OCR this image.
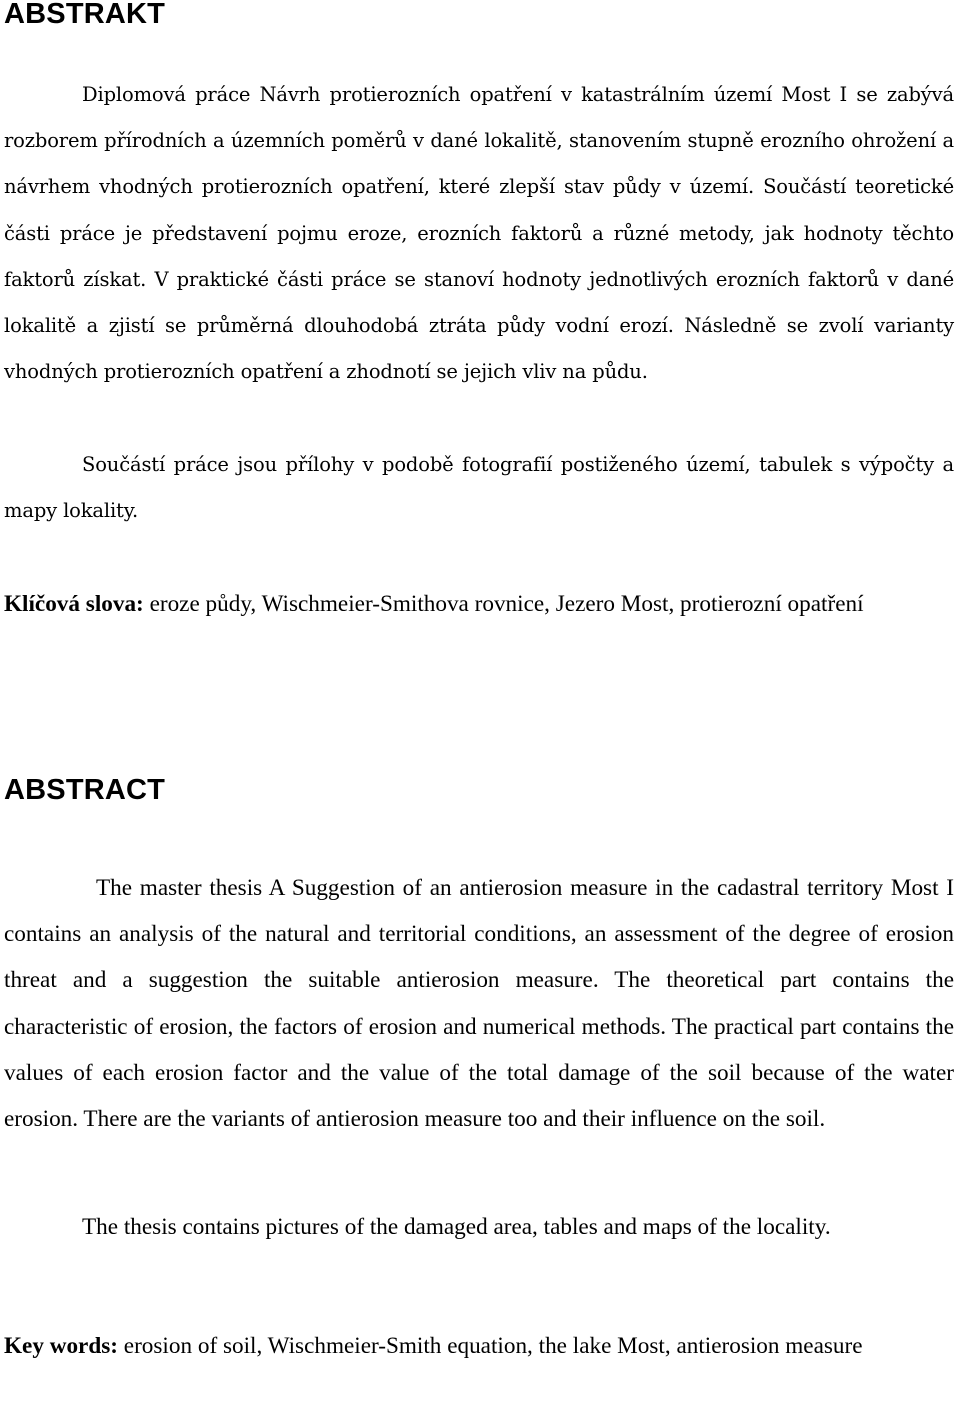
ABSTRAKT

Diplomová práce Návrh protierozních opatření v katastrálním území Most I se zabývá rozborem přírodních a územních poměrů v dané lokalitě, stanovením stupně erozního ohrožení a návrhem vhodných protierozních opatření, které zlepší stav půdy v území. Součástí teoretické části práce je představení pojmu eroze, erozních faktorů a různé metody, jak hodnoty těchto faktorů získat. V praktické části práce se stanoví hodnoty jednotlivých erozních faktorů v dané lokalitě a zjistí se průměrná dlouhodobá ztráta půdy vodní erozí. Následně se zvolí varianty vhodných protierozních opatření a zhodnotí se jejich vliv na půdu.

Součástí práce jsou přílohy v podobě fotografií postiženého území, tabulek s výpočty a mapy lokality.

Klíčová slova: eroze půdy, Wischmeier-Smithova rovnice, Jezero Most, protierozní opatření

ABSTRACT

The master thesis A Suggestion of an antierosion measure in the cadastral territory Most I contains an analysis of the natural and territorial conditions, an assessment of the degree of erosion threat and a suggestion the suitable antierosion measure. The theoretical part contains the characteristic of erosion, the factors of erosion and numerical methods. The practical part contains the values of each erosion factor and the value of the total damage of the soil because of the water erosion. There are the variants of antierosion measure too and their influence on the soil.

The thesis contains pictures of the damaged area, tables and maps of the locality.

Key words: erosion of soil, Wischmeier-Smith equation, the lake Most, antierosion measure
